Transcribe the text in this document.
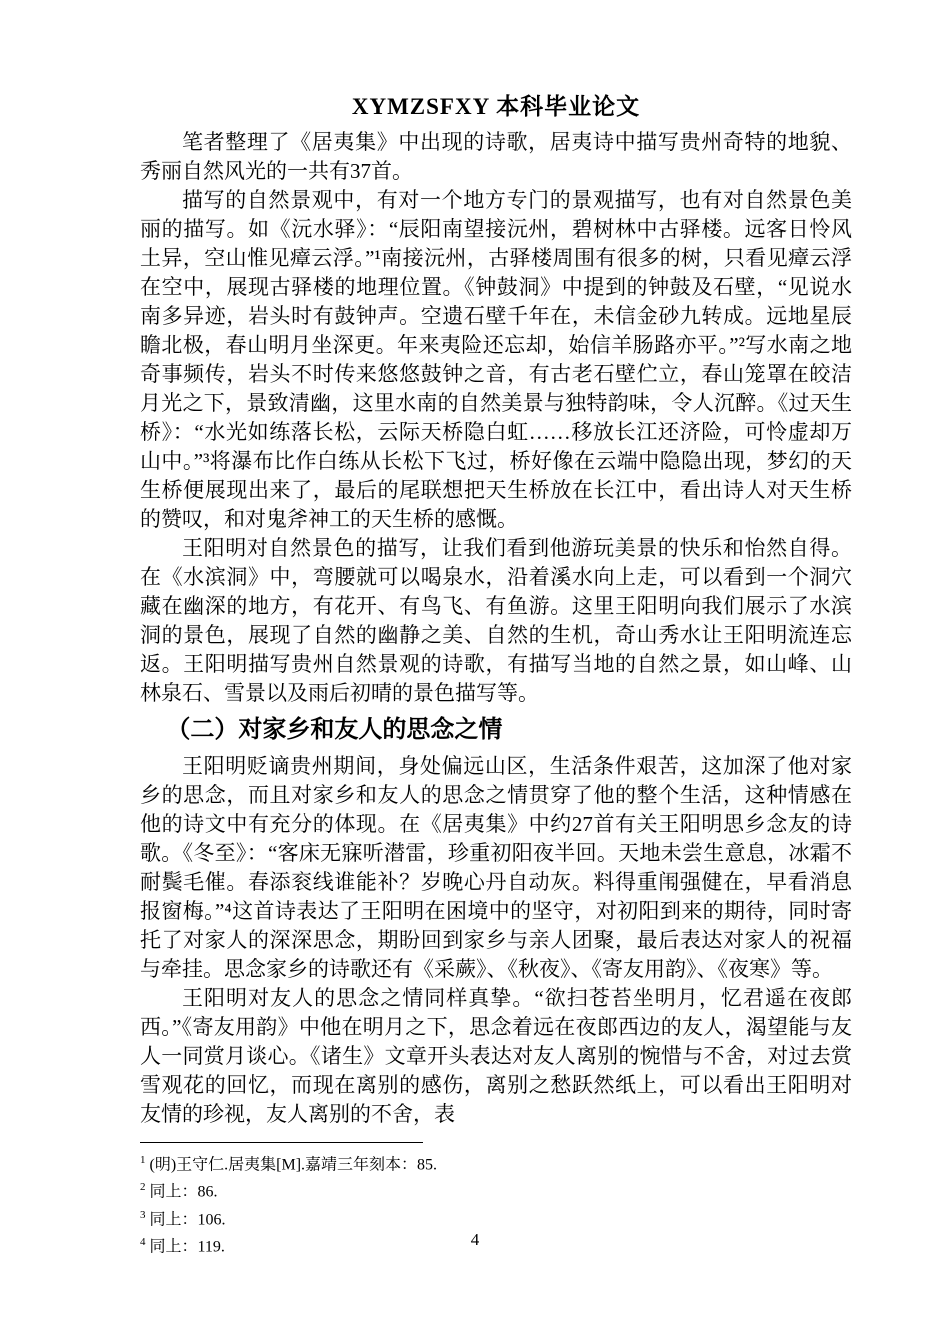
XYMZSFXY 本科毕业论文

笔者整理了《居夷集》中出现的诗歌，居夷诗中描写贵州奇特的地貌、秀丽自然风光的一共有37首。

描写的自然景观中，有对一个地方专门的景观描写，也有对自然景色美丽的描写。如《沅水驿》：“辰阳南望接沅州，碧树林中古驿楼。远客日怜风土异，空山惟见瘴云浮。”¹南接沅州，古驿楼周围有很多的树，只看见瘴云浮在空中，展现古驿楼的地理位置。《钟鼓洞》中提到的钟鼓及石壁，“见说水南多异迹，岩头时有鼓钟声。空遗石壁千年在，未信金砂九转成。远地星辰瞻北极，春山明月坐深更。年来夷险还忘却，始信羊肠路亦平。”²写水南之地奇事频传，岩头不时传来悠悠鼓钟之音，有古老石壁伫立，春山笼罩在皎洁月光之下，景致清幽，这里水南的自然美景与独特韵味，令人沉醉。《过天生桥》：“水光如练落长松，云际天桥隐白虹……移放长江还济险，可怜虚却万山中。”³将瀑布比作白练从长松下飞过，桥好像在云端中隐隐出现，梦幻的天生桥便展现出来了，最后的尾联想把天生桥放在长江中，看出诗人对天生桥的赞叹，和对鬼斧神工的天生桥的感慨。

王阳明对自然景色的描写，让我们看到他游玩美景的快乐和怡然自得。在《水滨洞》中，弯腰就可以喝泉水，沿着溪水向上走，可以看到一个洞穴藏在幽深的地方，有花开、有鸟飞、有鱼游。这里王阳明向我们展示了水滨洞的景色，展现了自然的幽静之美、自然的生机，奇山秀水让王阳明流连忘返。王阳明描写贵州自然景观的诗歌，有描写当地的自然之景，如山峰、山林泉石、雪景以及雨后初晴的景色描写等。

（二）对家乡和友人的思念之情

王阳明贬谪贵州期间，身处偏远山区，生活条件艰苦，这加深了他对家乡的思念，而且对家乡和友人的思念之情贯穿了他的整个生活，这种情感在他的诗文中有充分的体现。在《居夷集》中约27首有关王阳明思乡念友的诗歌。《冬至》：“客床无寐听潜雷，珍重初阳夜半回。天地未尝生意息，冰霜不耐鬓毛催。春添衮线谁能补？岁晚心丹自动灰。料得重闱强健在，早看消息报窗梅。”⁴这首诗表达了王阳明在困境中的坚守，对初阳到来的期待，同时寄托了对家人的深深思念，期盼回到家乡与亲人团聚，最后表达对家人的祝福与牵挂。思念家乡的诗歌还有《采蕨》、《秋夜》、《寄友用韵》、《夜寒》等。

王阳明对友人的思念之情同样真挚。“欲扫苍苔坐明月，忆君遥在夜郎西。”《寄友用韵》中他在明月之下，思念着远在夜郎西边的友人，渴望能与友人一同赏月谈心。《诸生》文章开头表达对友人离别的惋惜与不舍，对过去赏雪观花的回忆，而现在离别的感伤，离别之愁跃然纸上，可以看出王阳明对友情的珍视，友人离别的不舍，表

$^1$ (明)王守仁.居夷集[M].嘉靖三年刻本：85.

$^2$ 同上：86.

$^3$ 同上：106.

$^4$ 同上：119.	4
